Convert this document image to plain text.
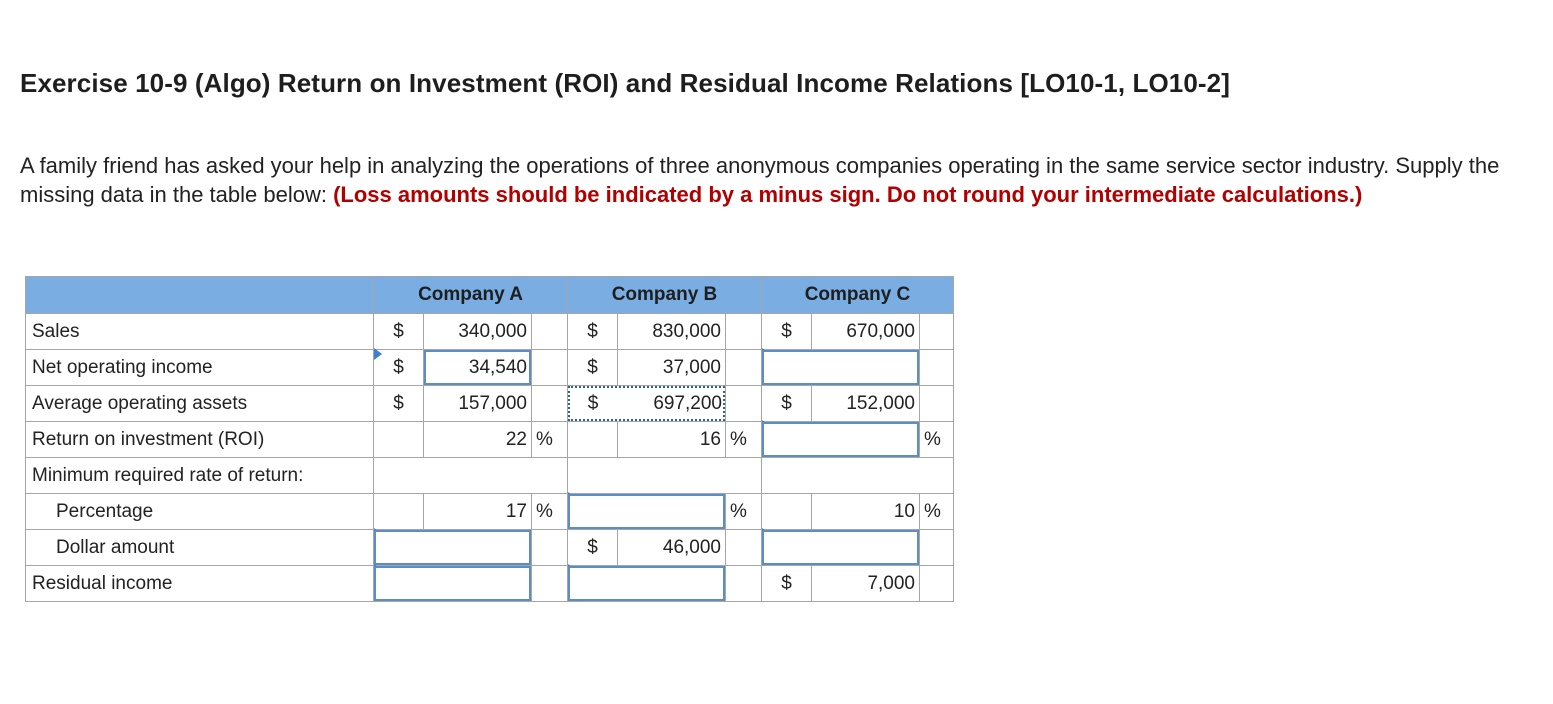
Exercise 10-9 (Algo) Return on Investment (ROI) and Residual Income Relations [LO10-1, LO10-2]
A family friend has asked your help in analyzing the operations of three anonymous companies operating in the same service sector industry. Supply the missing data in the table below: (Loss amounts should be indicated by a minus sign. Do not round your intermediate calculations.)
	Company A			Company B			Company C		
Sales	$	340,000		$	830,000		$	670,000	
Net operating income	$	34,540		$	37,000			

Average operating assets	$	157,000		$ 697,200			$	152,000	
Return on investment (ROI)		22	%		16	%			%
Minimum required rate of return:									
Percentage		17	%			%		10	%
Dollar amount				$	46,000			

Residual income							$	7,000	
